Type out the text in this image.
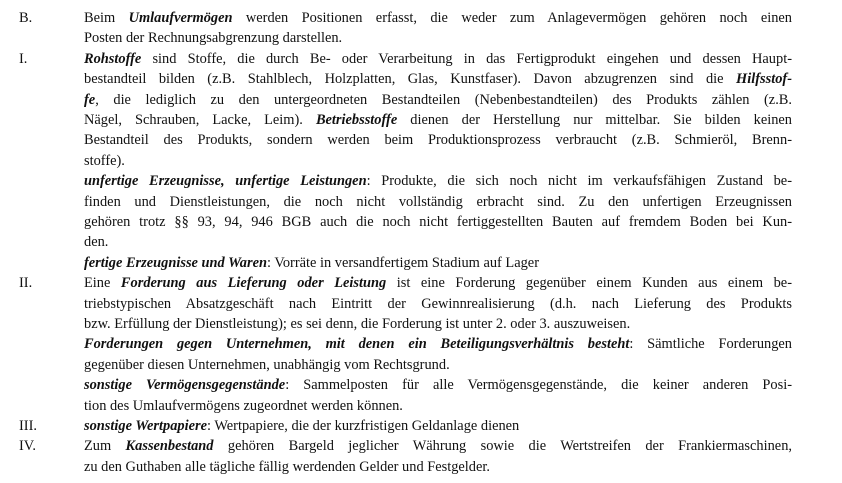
B.	Beim Umlaufvermögen werden Positionen erfasst, die weder zum Anlagevermögen gehören noch einen
Posten der Rechnungsabgrenzung darstellen.
I.	Rohstoffe sind Stoffe, die durch Be- oder Verarbeitung in das Fertigprodukt eingehen und dessen Haupt-
bestandteil bilden (z.B. Stahlblech, Holzplatten, Glas, Kunstfaser). Davon abzugrenzen sind die Hilfsstof-
fe, die lediglich zu den untergeordneten Bestandteilen (Nebenbestandteilen) des Produkts zählen (z.B.
Nägel, Schrauben, Lacke, Leim). Betriebsstoffe dienen der Herstellung nur mittelbar. Sie bilden keinen
Bestandteil des Produkts, sondern werden beim Produktionsprozess verbraucht (z.B. Schmieröl, Brenn-
stoffe).
unfertige Erzeugnisse, unfertige Leistungen: Produkte, die sich noch nicht im verkaufsfähigen Zustand be-
finden und Dienstleistungen, die noch nicht vollständig erbracht sind. Zu den unfertigen Erzeugnissen
gehören trotz §§ 93, 94, 946 BGB auch die noch nicht fertiggestellten Bauten auf fremdem Boden bei Kun-
den.
fertige Erzeugnisse und Waren: Vorräte in versandfertigem Stadium auf Lager
II.	Eine Forderung aus Lieferung oder Leistung ist eine Forderung gegenüber einem Kunden aus einem be-
triebstypischen Absatzgeschäft nach Eintritt der Gewinnrealisierung (d.h. nach Lieferung des Produkts
bzw. Erfüllung der Dienstleistung); es sei denn, die Forderung ist unter 2. oder 3. auszuweisen.
Forderungen gegen Unternehmen, mit denen ein Beteiligungsverhältnis besteht: Sämtliche Forderungen
gegenüber diesen Unternehmen, unabhängig vom Rechtsgrund.
sonstige Vermögensgegenstände: Sammelposten für alle Vermögensgegenstände, die keiner anderen Posi-
tion des Umlaufvermögens zugeordnet werden können.
III.	sonstige Wertpapiere: Wertpapiere, die der kurzfristigen Geldanlage dienen
IV.	Zum Kassenbestand gehören Bargeld jeglicher Währung sowie die Wertstreifen der Frankiermaschinen,
zu den Guthaben alle tägliche fällig werdenden Gelder und Festgelder.
